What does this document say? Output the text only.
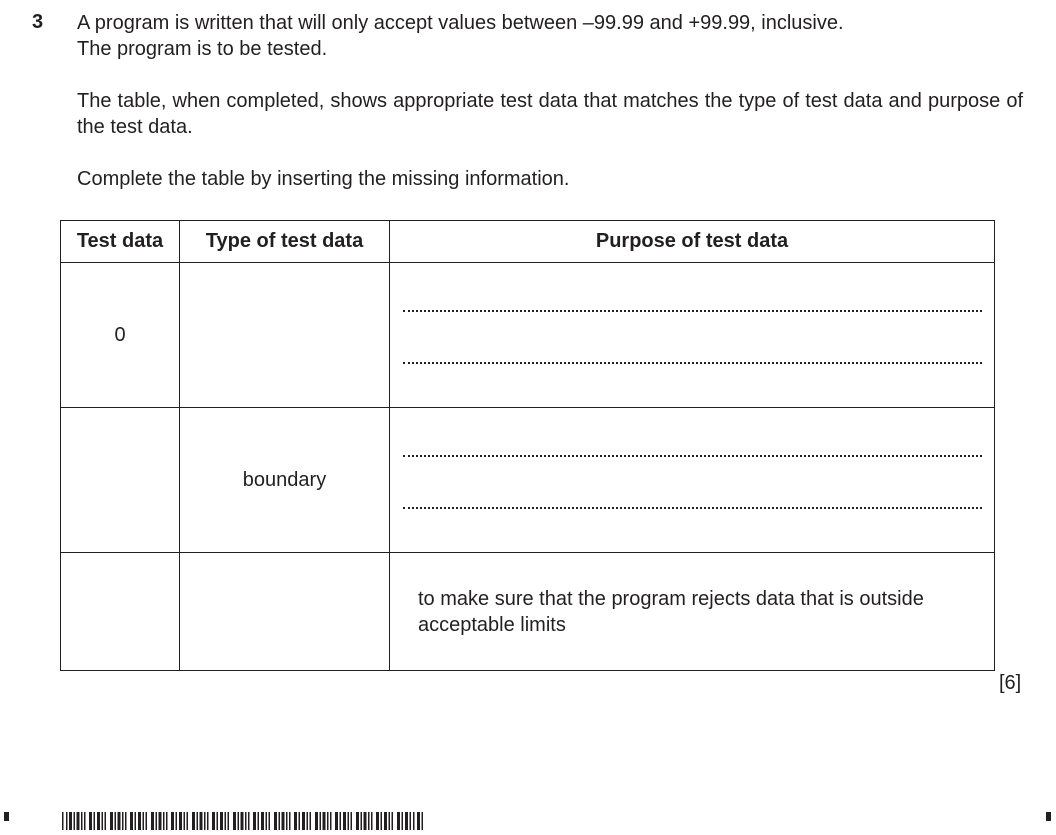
3 A program is written that will only accept values between –99.99 and +99.99, inclusive.
The program is to be tested.
The table, when completed, shows appropriate test data that matches the type of test data and purpose of the test data.
Complete the table by inserting the missing information.
Test data	Type of test data	Purpose of test data
0		

	boundary	

		to make sure that the program rejects data that is outside acceptable limits
[6]
